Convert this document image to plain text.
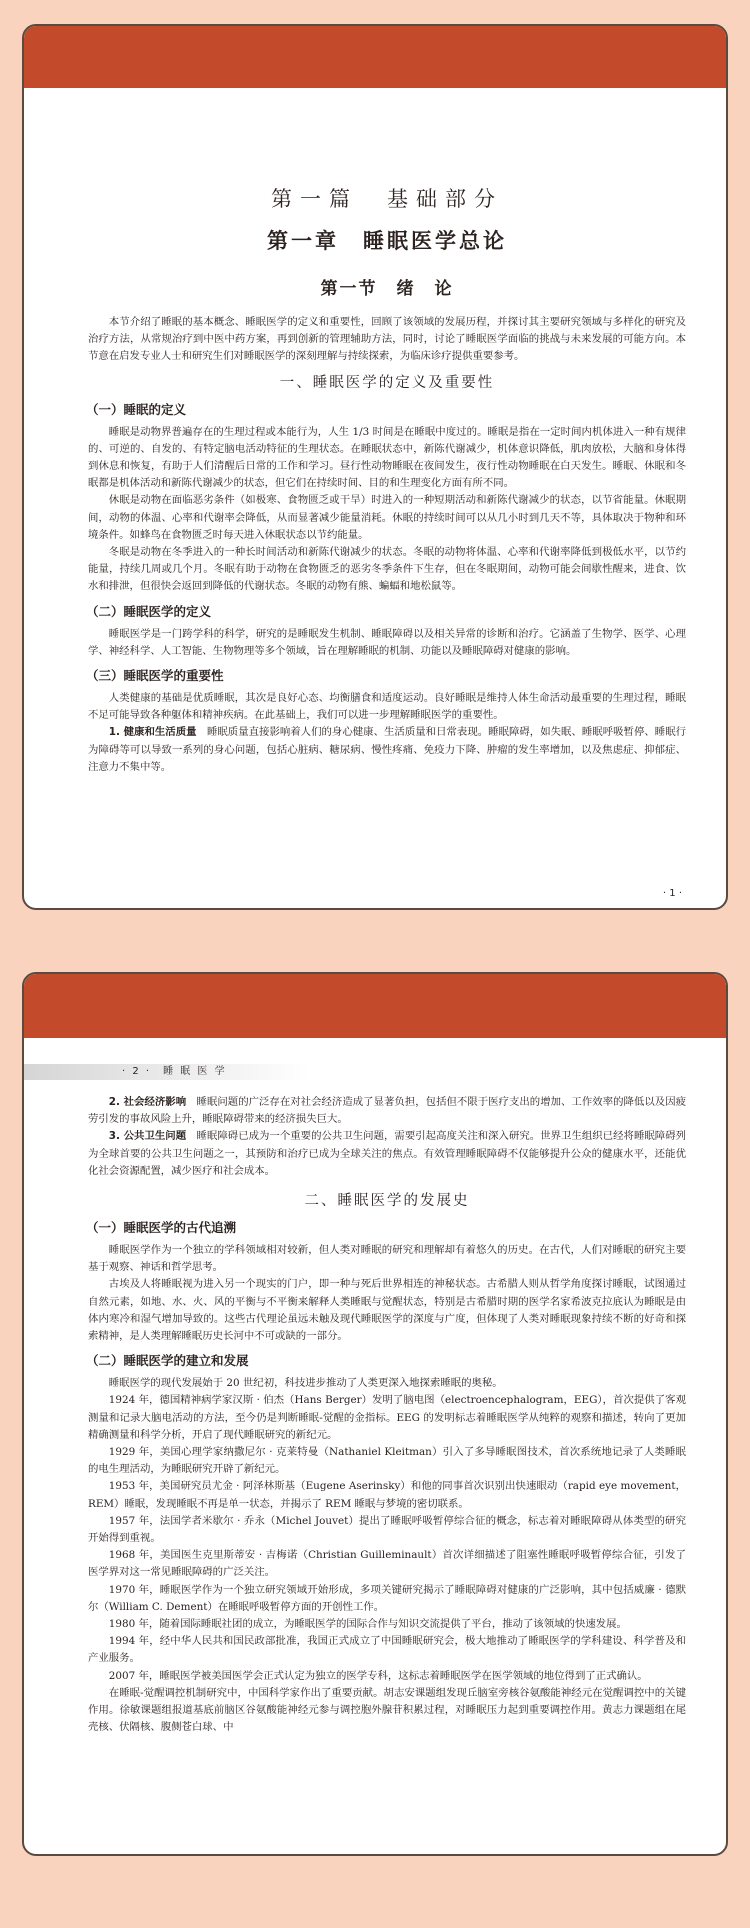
第一篇　基础部分
第一章　睡眠医学总论
第一节　绪　论

本节介绍了睡眠的基本概念、睡眠医学的定义和重要性，回顾了该领域的发展历程，并探讨其主要研究领域与多样化的研究及治疗方法，从常规治疗到中医中药方案，再到创新的管理辅助方法，同时，讨论了睡眠医学面临的挑战与未来发展的可能方向。本节意在启发专业人士和研究生们对睡眠医学的深刻理解与持续探索，为临床诊疗提供重要参考。

一、睡眠医学的定义及重要性
（一）睡眠的定义

睡眠是动物界普遍存在的生理过程或本能行为，人生 1/3 时间是在睡眠中度过的。睡眠是指在一定时间内机体进入一种有规律的、可逆的、自发的、有特定脑电活动特征的生理状态。在睡眠状态中，新陈代谢减少，机体意识降低，肌肉放松，大脑和身体得到休息和恢复，有助于人们清醒后日常的工作和学习。昼行性动物睡眠在夜间发生，夜行性动物睡眠在白天发生。睡眠、休眠和冬眠都是机体活动和新陈代谢减少的状态，但它们在持续时间、目的和生理变化方面有所不同。

休眠是动物在面临恶劣条件（如极寒、食物匮乏或干旱）时进入的一种短期活动和新陈代谢减少的状态，以节省能量。休眠期间，动物的体温、心率和代谢率会降低，从而显著减少能量消耗。休眠的持续时间可以从几小时到几天不等，具体取决于物种和环境条件。如蜂鸟在食物匮乏时每天进入休眠状态以节约能量。

冬眠是动物在冬季进入的一种长时间活动和新陈代谢减少的状态。冬眠的动物将体温、心率和代谢率降低到极低水平，以节约能量，持续几周或几个月。冬眠有助于动物在食物匮乏的恶劣冬季条件下生存，但在冬眠期间，动物可能会间歇性醒来，进食、饮水和排泄，但很快会返回到降低的代谢状态。冬眠的动物有熊、蝙蝠和地松鼠等。

（二）睡眠医学的定义

睡眠医学是一门跨学科的科学，研究的是睡眠发生机制、睡眠障碍以及相关异常的诊断和治疗。它涵盖了生物学、医学、心理学、神经科学、人工智能、生物物理等多个领域，旨在理解睡眠的机制、功能以及睡眠障碍对健康的影响。

（三）睡眠医学的重要性

人类健康的基础是优质睡眠，其次是良好心态、均衡膳食和适度运动。良好睡眠是维持人体生命活动最重要的生理过程，睡眠不足可能导致各种躯体和精神疾病。在此基础上，我们可以进一步理解睡眠医学的重要性。

1. 健康和生活质量　 睡眠质量直接影响着人们的身心健康、生活质量和日常表现。睡眠障碍，如失眠、睡眠呼吸暂停、睡眠行为障碍等可以导致一系列的身心问题，包括心脏病、糖尿病、慢性疼痛、免疫力下降、肿瘤的发生率增加，以及焦虑症、抑郁症、注意力不集中等。

· 1 ·
· 2 ·　睡 眠 医 学

2. 社会经济影响　 睡眠问题的广泛存在对社会经济造成了显著负担，包括但不限于医疗支出的增加、工作效率的降低以及因疲劳引发的事故风险上升，睡眠障碍带来的经济损失巨大。

3. 公共卫生问题　 睡眠障碍已成为一个重要的公共卫生问题，需要引起高度关注和深入研究。世界卫生组织已经将睡眠障碍列为全球首要的公共卫生问题之一，其预防和治疗已成为全球关注的焦点。有效管理睡眠障碍不仅能够提升公众的健康水平，还能优化社会资源配置，减少医疗和社会成本。

二、睡眠医学的发展史
（一）睡眠医学的古代追溯

睡眠医学作为一个独立的学科领域相对较新，但人类对睡眠的研究和理解却有着悠久的历史。在古代，人们对睡眠的研究主要基于观察、神话和哲学思考。

古埃及人将睡眠视为进入另一个现实的门户，即一种与死后世界相连的神秘状态。古希腊人则从哲学角度探讨睡眠，试图通过自然元素，如地、水、火、风的平衡与不平衡来解释人类睡眠与觉醒状态，特别是古希腊时期的医学名家希波克拉底认为睡眠是由体内寒冷和湿气增加导致的。这些古代理论虽远未触及现代睡眠医学的深度与广度，但体现了人类对睡眠现象持续不断的好奇和探索精神，是人类理解睡眠历史长河中不可或缺的一部分。

（二）睡眠医学的建立和发展

睡眠医学的现代发展始于 20 世纪初，科技进步推动了人类更深入地探索睡眠的奥秘。

1924 年，德国精神病学家汉斯 · 伯杰（Hans Berger）发明了脑电图（electroencephalogram，EEG），首次提供了客观测量和记录大脑电活动的方法，至今仍是判断睡眠-觉醒的金指标。EEG 的发明标志着睡眠医学从纯粹的观察和描述，转向了更加精确测量和科学分析，开启了现代睡眠研究的新纪元。

1929 年，美国心理学家纳撒尼尔 · 克莱特曼（Nathaniel Kleitman）引入了多导睡眠图技术，首次系统地记录了人类睡眠的电生理活动，为睡眠研究开辟了新纪元。

1953 年，美国研究员尤金 · 阿泽林斯基（Eugene Aserinsky）和他的同事首次识别出快速眼动（rapid eye movement，REM）睡眠，发现睡眠不再是单一状态，并揭示了 REM 睡眠与梦境的密切联系。

1957 年，法国学者米歇尔 · 乔永（Michel Jouvet）提出了睡眠呼吸暂停综合征的概念，标志着对睡眠障碍从体类型的研究开始得到重视。

1968 年，美国医生克里斯蒂安 · 吉梅诺（Christian Guilleminault）首次详细描述了阻塞性睡眠呼吸暂停综合征，引发了医学界对这一常见睡眠障碍的广泛关注。

1970 年，睡眠医学作为一个独立研究领域开始形成，多项关键研究揭示了睡眠障碍对健康的广泛影响，其中包括威廉 · 德默尔（William C. Dement）在睡眠呼吸暂停方面的开创性工作。

1980 年，随着国际睡眠社团的成立，为睡眠医学的国际合作与知识交流提供了平台，推动了该领域的快速发展。

1994 年，经中华人民共和国民政部批准，我国正式成立了中国睡眠研究会，极大地推动了睡眠医学的学科建设、科学普及和产业服务。

2007 年，睡眠医学被美国医学会正式认定为独立的医学专科，这标志着睡眠医学在医学领域的地位得到了正式确认。

在睡眠-觉醒调控机制研究中，中国科学家作出了重要贡献。胡志安课题组发现丘脑室旁核谷氨酸能神经元在觉醒调控中的关键作用。徐敏课题组报道基底前脑区谷氨酸能神经元参与调控胞外腺苷积累过程，对睡眠压力起到重要调控作用。黄志力课题组在尾壳核、伏隔核、腹侧苍白球、中
